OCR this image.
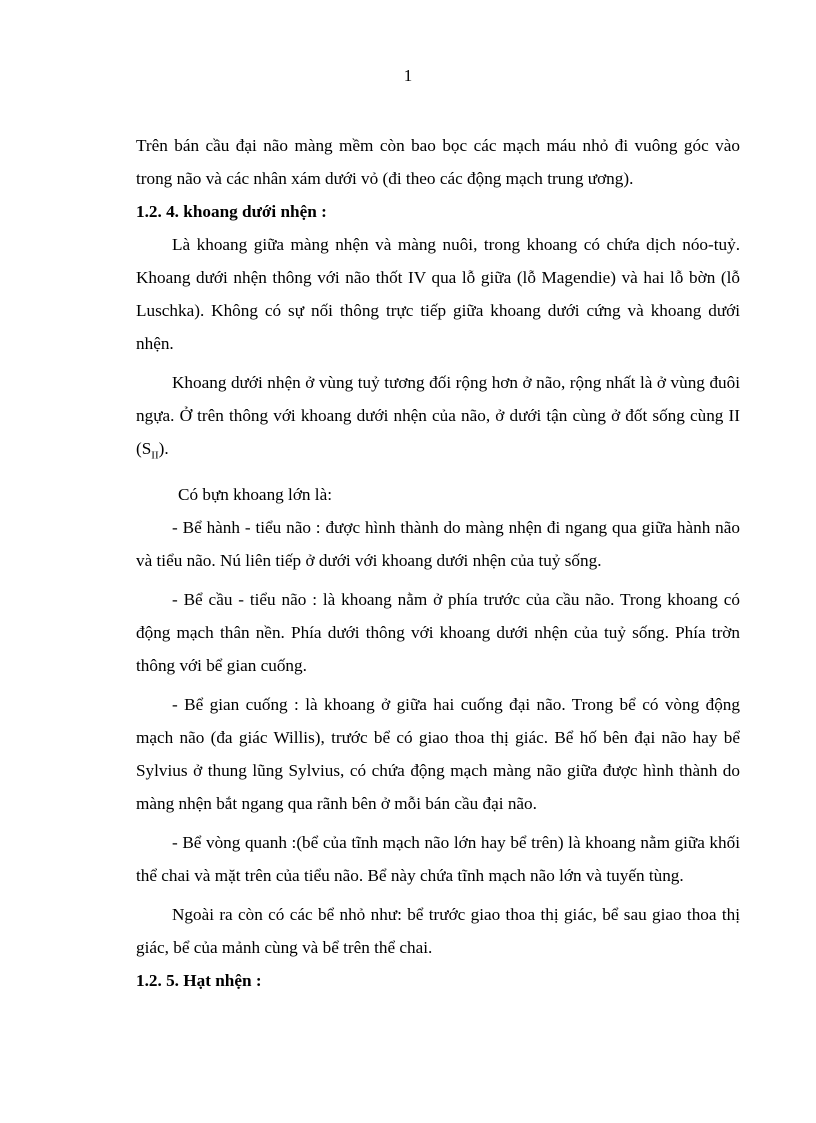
1

Trên bán cầu đại não màng mềm còn bao bọc các mạch máu nhỏ đi vuông góc vào trong não và các nhân xám dưới vỏ (đi theo các động mạch trung ương).

1.2. 4. khoang dưới nhện :

Là khoang giữa màng nhện và màng nuôi, trong khoang có chứa dịch nóo-tuỷ. Khoang dưới nhện thông với não thốt IV qua lỗ giữa (lỗ Magendie) và hai lỗ bờn (lỗ Luschka). Không có sự nối thông trực tiếp giữa khoang dưới cứng và khoang dưới nhện.

Khoang dưới nhện ở vùng tuỷ tương đối rộng hơn ở não, rộng nhất là ở vùng đuôi ngựa. Ở trên thông với khoang dưới nhện của não, ở dưới tận cùng ở đốt sống cùng II $(S_{II})$.

Có bựn khoang lớn là:

- Bể hành - tiểu não : được hình thành do màng nhện đi ngang qua giữa hành não và tiểu não. Nú liên tiếp ở dưới với khoang dưới nhện của tuỷ sống.

- Bể cầu - tiểu não : là khoang nằm ở phía trước của cầu não. Trong khoang có động mạch thân nền. Phía dưới thông với khoang dưới nhện của tuỷ sống. Phía trờn thông với bể gian cuống.

- Bể gian cuống : là khoang ở giữa hai cuống đại não. Trong bể có vòng động mạch não (đa giác Willis), trước bể có giao thoa thị giác. Bể hố bên đại não hay bể Sylvius ở thung lũng Sylvius, có chứa động mạch màng não giữa được hình thành do màng nhện bắt ngang qua rãnh bên ở mỗi bán cầu đại não.

- Bể vòng quanh :(bể của tĩnh mạch não lớn hay bể trên) là khoang nằm giữa khối thể chai và mặt trên của tiểu não. Bể này chứa tĩnh mạch não lớn và tuyến tùng.

Ngoài ra còn có các bể nhỏ như: bể trước giao thoa thị giác, bể sau giao thoa thị giác, bể của mảnh cùng và bể trên thể chai.

1.2. 5. Hạt nhện :
